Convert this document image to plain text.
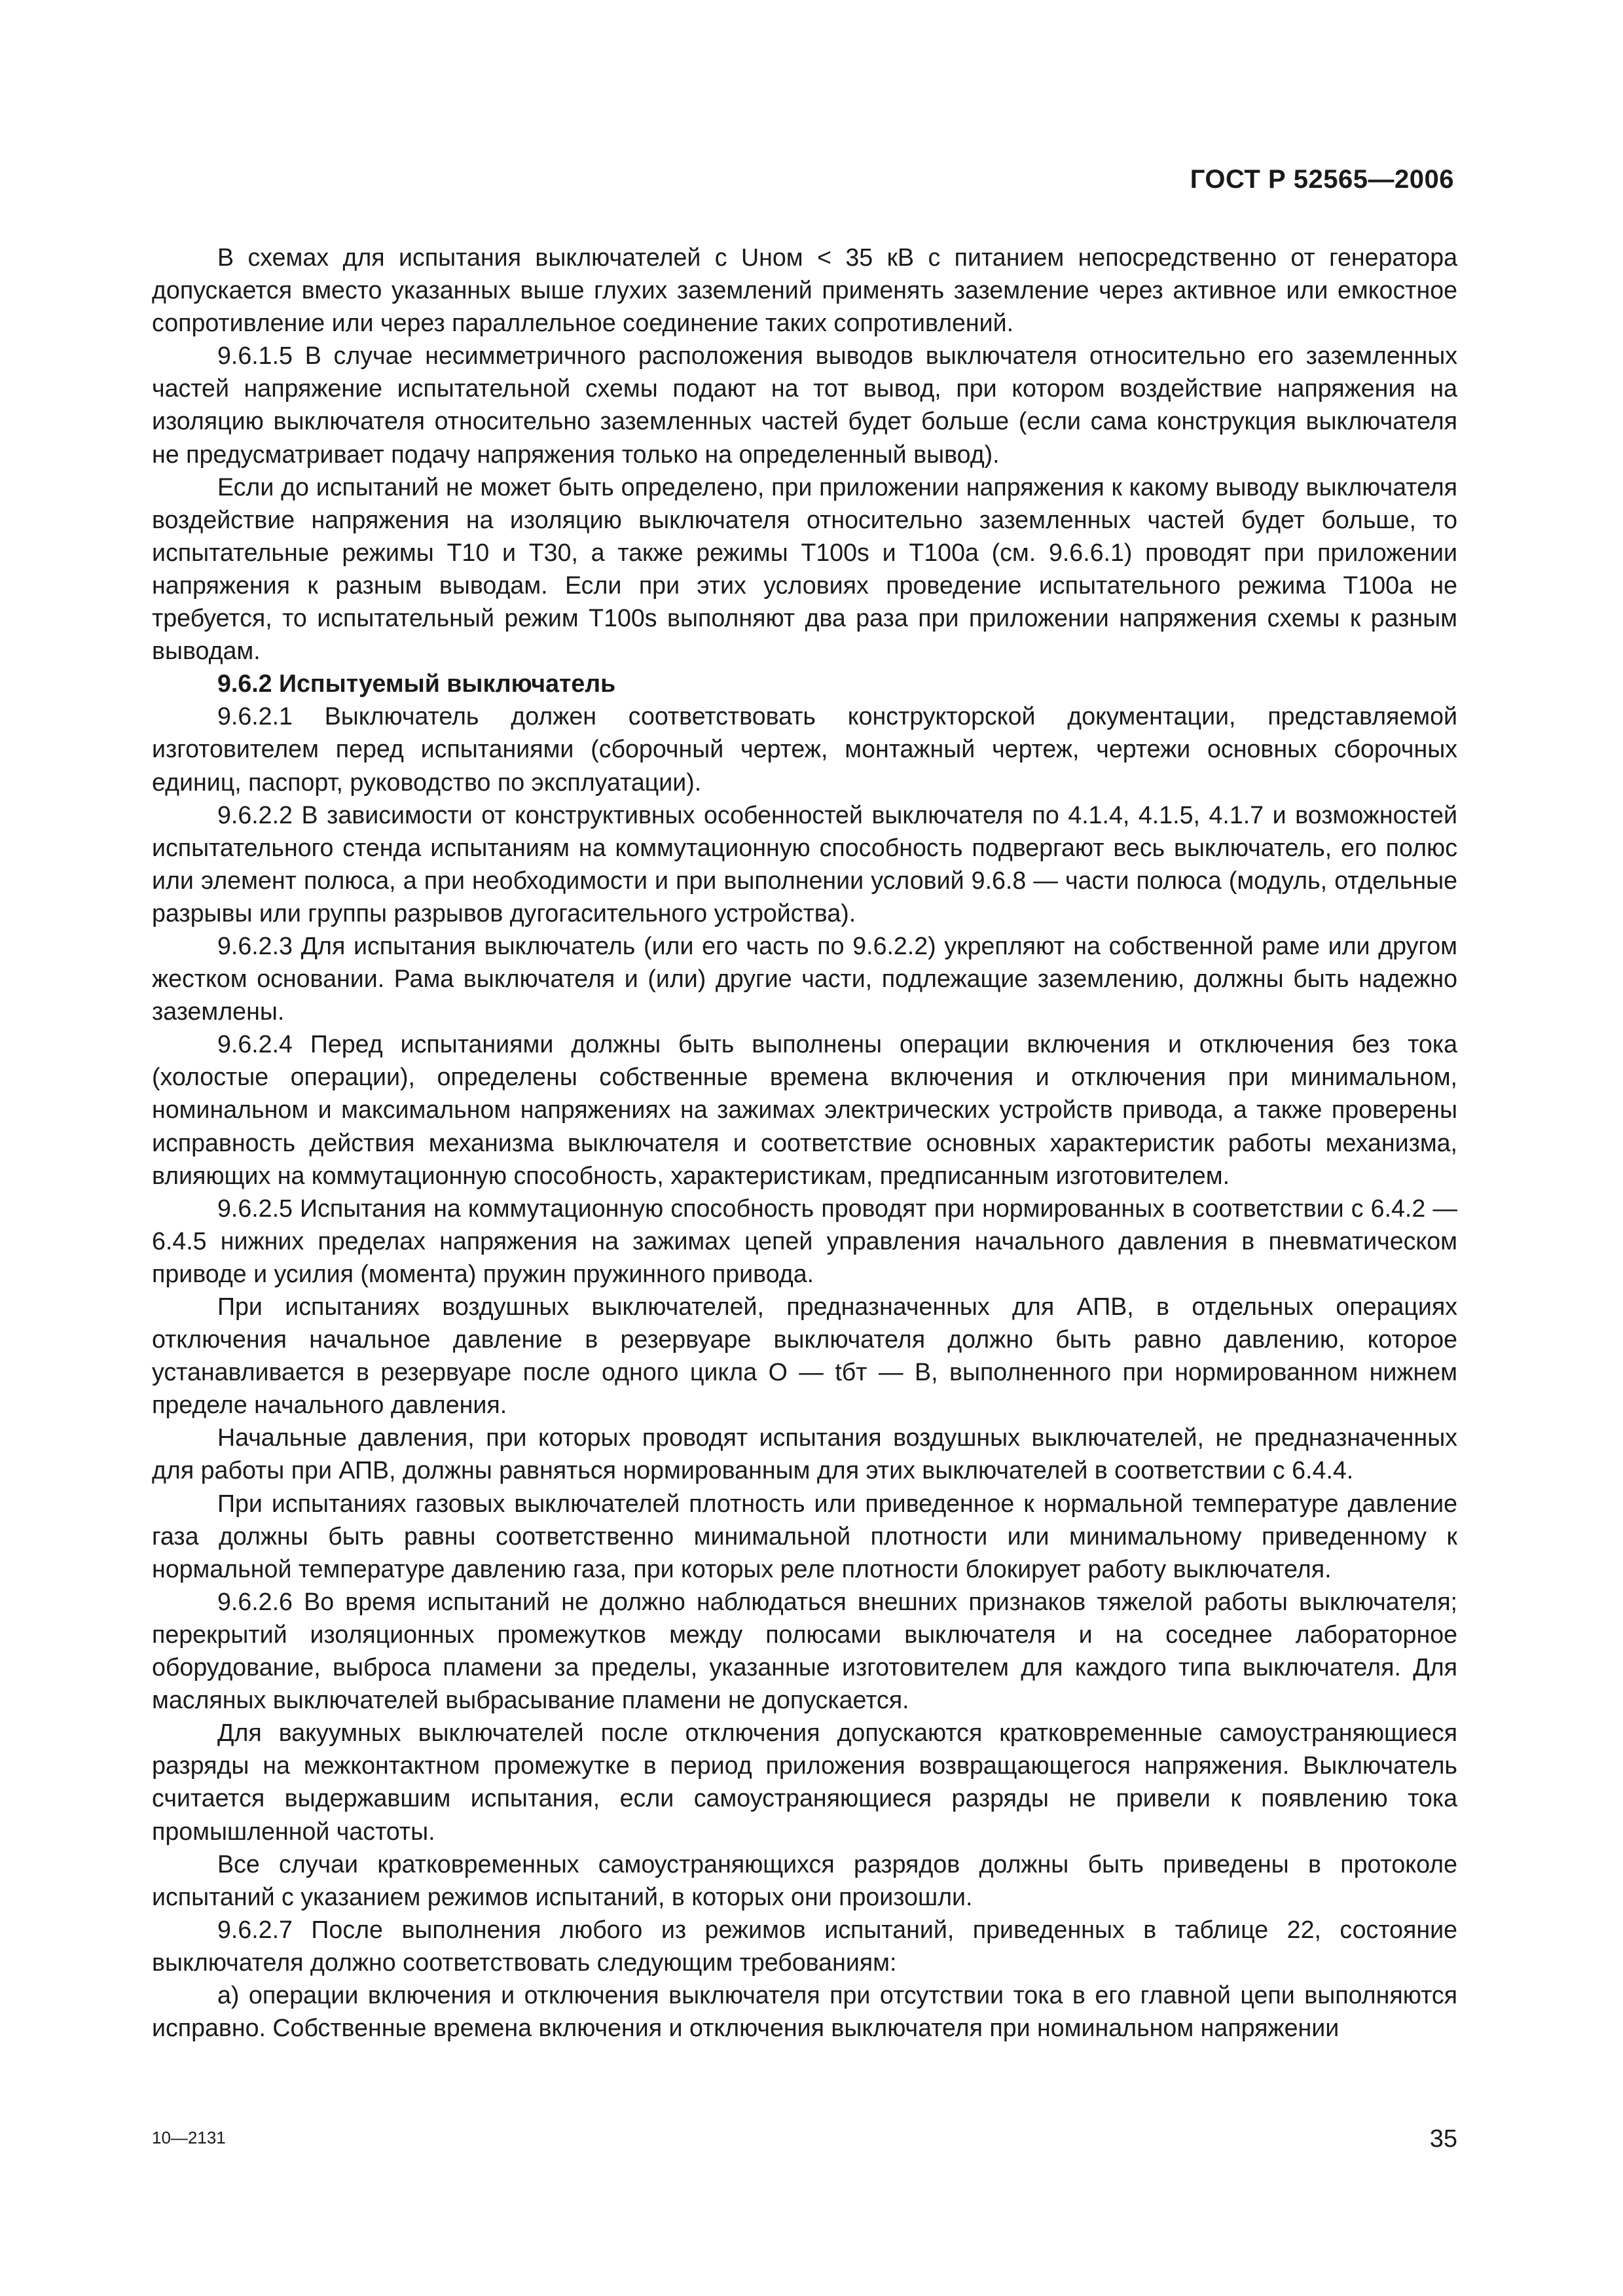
ГОСТ Р 52565—2006

В схемах для испытания выключателей с Uном < 35 кВ с питанием непосредственно от генератора допускается вместо указанных выше глухих заземлений применять заземление через активное или емкостное сопротивление или через параллельное соединение таких сопротивлений.

9.6.1.5 В случае несимметричного расположения выводов выключателя относительно его заземленных частей напряжение испытательной схемы подают на тот вывод, при котором воздействие напряжения на изоляцию выключателя относительно заземленных частей будет больше (если сама конструкция выключателя не предусматривает подачу напряжения только на определенный вывод).

Если до испытаний не может быть определено, при приложении напряжения к какому выводу выключателя воздействие напряжения на изоляцию выключателя относительно заземленных частей будет больше, то испытательные режимы Т10 и Т30, а также режимы Т100s и Т100a (см. 9.6.6.1) проводят при приложении напряжения к разным выводам. Если при этих условиях проведение испытательного режима Т100a не требуется, то испытательный режим Т100s выполняют два раза при приложении напряжения схемы к разным выводам.

9.6.2 Испытуемый выключатель

9.6.2.1 Выключатель должен соответствовать конструкторской документации, представляемой изготовителем перед испытаниями (сборочный чертеж, монтажный чертеж, чертежи основных сборочных единиц, паспорт, руководство по эксплуатации).

9.6.2.2 В зависимости от конструктивных особенностей выключателя по 4.1.4, 4.1.5, 4.1.7 и возможностей испытательного стенда испытаниям на коммутационную способность подвергают весь выключатель, его полюс или элемент полюса, а при необходимости и при выполнении условий 9.6.8 — части полюса (модуль, отдельные разрывы или группы разрывов дугогасительного устройства).

9.6.2.3 Для испытания выключатель (или его часть по 9.6.2.2) укрепляют на собственной раме или другом жестком основании. Рама выключателя и (или) другие части, подлежащие заземлению, должны быть надежно заземлены.

9.6.2.4 Перед испытаниями должны быть выполнены операции включения и отключения без тока (холостые операции), определены собственные времена включения и отключения при минимальном, номинальном и максимальном напряжениях на зажимах электрических устройств привода, а также проверены исправность действия механизма выключателя и соответствие основных характеристик работы механизма, влияющих на коммутационную способность, характеристикам, предписанным изготовителем.

9.6.2.5 Испытания на коммутационную способность проводят при нормированных в соответствии с 6.4.2 — 6.4.5 нижних пределах напряжения на зажимах цепей управления начального давления в пневматическом приводе и усилия (момента) пружин пружинного привода.

При испытаниях воздушных выключателей, предназначенных для АПВ, в отдельных операциях отключения начальное давление в резервуаре выключателя должно быть равно давлению, которое устанавливается в резервуаре после одного цикла О — tбт — В, выполненного при нормированном нижнем пределе начального давления.

Начальные давления, при которых проводят испытания воздушных выключателей, не предназначенных для работы при АПВ, должны равняться нормированным для этих выключателей в соответствии с 6.4.4.

При испытаниях газовых выключателей плотность или приведенное к нормальной температуре давление газа должны быть равны соответственно минимальной плотности или минимальному приведенному к нормальной температуре давлению газа, при которых реле плотности блокирует работу выключателя.

9.6.2.6 Во время испытаний не должно наблюдаться внешних признаков тяжелой работы выключателя; перекрытий изоляционных промежутков между полюсами выключателя и на соседнее лабораторное оборудование, выброса пламени за пределы, указанные изготовителем для каждого типа выключателя. Для масляных выключателей выбрасывание пламени не допускается.

Для вакуумных выключателей после отключения допускаются кратковременные самоустраняющиеся разряды на межконтактном промежутке в период приложения возвращающегося напряжения. Выключатель считается выдержавшим испытания, если самоустраняющиеся разряды не привели к появлению тока промышленной частоты.

Все случаи кратковременных самоустраняющихся разрядов должны быть приведены в протоколе испытаний с указанием режимов испытаний, в которых они произошли.

9.6.2.7 После выполнения любого из режимов испытаний, приведенных в таблице 22, состояние выключателя должно соответствовать следующим требованиям:

а) операции включения и отключения выключателя при отсутствии тока в его главной цепи выполняются исправно. Собственные времена включения и отключения выключателя при номинальном напряжении

10—2131	35
